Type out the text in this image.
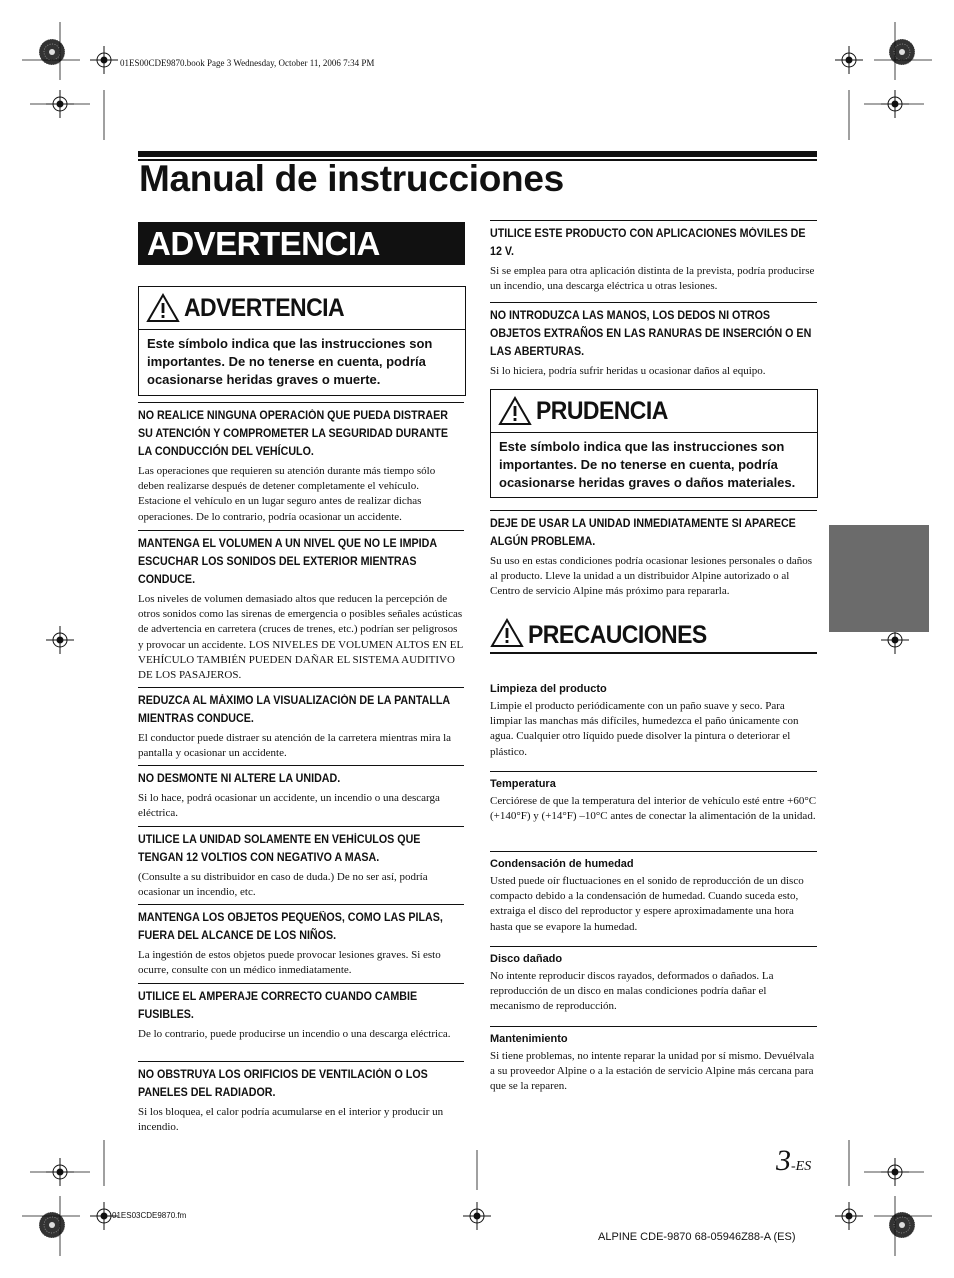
01ES00CDE9870.book Page 3 Wednesday, October 11, 2006 7:34 PM
Manual de instrucciones
ADVERTENCIA
ADVERTENCIA
Este símbolo indica que las instrucciones son importantes. De no tenerse en cuenta, podría ocasionarse heridas graves o muerte.
NO REALICE NINGUNA OPERACIÓN QUE PUEDA DISTRAER SU ATENCIÓN Y COMPROMETER LA SEGURIDAD DURANTE LA CONDUCCIÓN DEL VEHÍCULO.

Las operaciones que requieren su atención durante más tiempo sólo deben realizarse después de detener completamente el vehículo. Estacione el vehículo en un lugar seguro antes de realizar dichas operaciones. De lo contrario, podría ocasionar un accidente.

MANTENGA EL VOLUMEN A UN NIVEL QUE NO LE IMPIDA ESCUCHAR LOS SONIDOS DEL EXTERIOR MIENTRAS CONDUCE.

Los niveles de volumen demasiado altos que reducen la percepción de otros sonidos como las sirenas de emergencia o posibles señales acústicas de advertencia en carretera (cruces de trenes, etc.) podrían ser peligrosos y provocar un accidente. LOS NIVELES DE VOLUMEN ALTOS EN EL VEHÍCULO TAMBIÉN PUEDEN DAÑAR EL SISTEMA AUDITIVO DE LOS PASAJEROS.

REDUZCA AL MÁXIMO LA VISUALIZACIÓN DE LA PANTALLA MIENTRAS CONDUCE.

El conductor puede distraer su atención de la carretera mientras mira la pantalla y ocasionar un accidente.

NO DESMONTE NI ALTERE LA UNIDAD.

Si lo hace, podrá ocasionar un accidente, un incendio o una descarga eléctrica.

UTILICE LA UNIDAD SOLAMENTE EN VEHÍCULOS QUE TENGAN 12 VOLTIOS CON NEGATIVO A MASA.

(Consulte a su distribuidor en caso de duda.) De no ser así, podría ocasionar un incendio, etc.

MANTENGA LOS OBJETOS PEQUEÑOS, COMO LAS PILAS, FUERA DEL ALCANCE DE LOS NIÑOS.

La ingestión de estos objetos puede provocar lesiones graves. Si esto ocurre, consulte con un médico inmediatamente.

UTILICE EL AMPERAJE CORRECTO CUANDO CAMBIE FUSIBLES.

De lo contrario, puede producirse un incendio o una descarga eléctrica.

NO OBSTRUYA LOS ORIFICIOS DE VENTILACIÓN O LOS PANELES DEL RADIADOR.

Si los bloquea, el calor podría acumularse en el interior y producir un incendio.

UTILICE ESTE PRODUCTO CON APLICACIONES MÓVILES DE 12 V.

Si se emplea para otra aplicación distinta de la prevista, podría producirse un incendio, una descarga eléctrica u otras lesiones.

NO INTRODUZCA LAS MANOS, LOS DEDOS NI OTROS OBJETOS EXTRAÑOS EN LAS RANURAS DE INSERCIÓN O EN LAS ABERTURAS.

Si lo hiciera, podría sufrir heridas u ocasionar daños al equipo.

PRUDENCIA
Este símbolo indica que las instrucciones son importantes. De no tenerse en cuenta, podría ocasionarse heridas graves o daños materiales.
DEJE DE USAR LA UNIDAD INMEDIATAMENTE SI APARECE ALGÚN PROBLEMA.

Su uso en estas condiciones podría ocasionar lesiones personales o daños al producto. Lleve la unidad a un distribuidor Alpine autorizado o al Centro de servicio Alpine más próximo para repararla.

PRECAUCIONES
Limpieza del producto

Limpie el producto periódicamente con un paño suave y seco. Para limpiar las manchas más difíciles, humedezca el paño únicamente con agua. Cualquier otro líquido puede disolver la pintura o deteriorar el plástico.

Temperatura

Cerciórese de que la temperatura del interior de vehículo esté entre +60°C (+140°F) y (+14°F) –10°C antes de conectar la alimentación de la unidad.

Condensación de humedad

Usted puede oír fluctuaciones en el sonido de reproducción de un disco compacto debido a la condensación de humedad. Cuando suceda esto, extraiga el disco del reproductor y espere aproximadamente una hora hasta que se evapore la humedad.

Disco dañado

No intente reproducir discos rayados, deformados o dañados. La reproducción de un disco en malas condiciones podría dañar el mecanismo de reproducción.

Mantenimiento

Si tiene problemas, no intente reparar la unidad por sí mismo. Devuélvala a su proveedor Alpine o a la estación de servicio Alpine más cercana para que se la reparen.

3-ES
01ES03CDE9870.fm
ALPINE CDE-9870 68-05946Z88-A (ES)
